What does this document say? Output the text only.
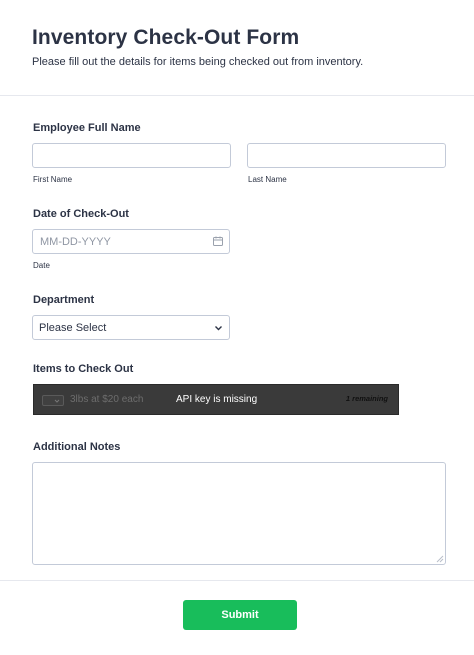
Inventory Check-Out Form

Please fill out the details for items being checked out from inventory.

Employee Full Name
First Name	Last Name
Date of Check-Out
MM-DD-YYYY
Date
Department
Please Select
Items to Check Out
3lbs at $20 each	API key is missing	1 remaining
Additional Notes
Submit
